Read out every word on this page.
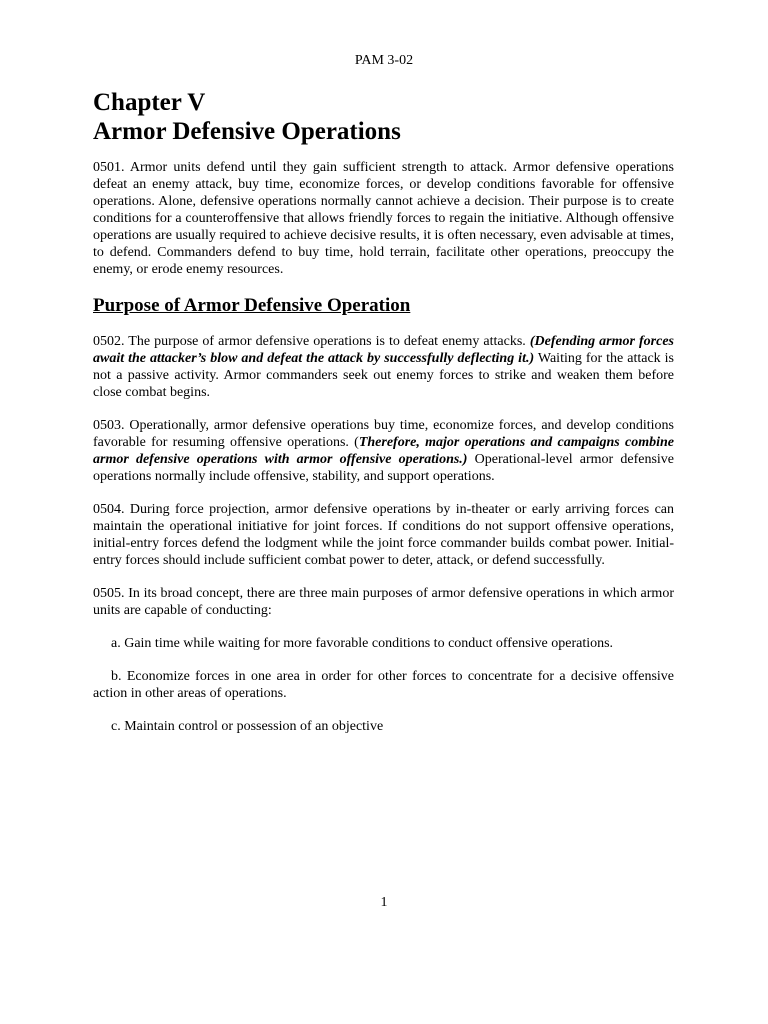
PAM 3-02
Chapter V
Armor Defensive Operations

0501. Armor units defend until they gain sufficient strength to attack. Armor defensive operations defeat an enemy attack, buy time, economize forces, or develop conditions favorable for offensive operations. Alone, defensive operations normally cannot achieve a decision. Their purpose is to create conditions for a counteroffensive that allows friendly forces to regain the initiative. Although offensive operations are usually required to achieve decisive results, it is often necessary, even advisable at times, to defend. Commanders defend to buy time, hold terrain, facilitate other operations, preoccupy the enemy, or erode enemy resources.

Purpose of Armor Defensive Operation

0502. The purpose of armor defensive operations is to defeat enemy attacks. (Defending armor forces await the attacker’s blow and defeat the attack by successfully deflecting it.) Waiting for the attack is not a passive activity. Armor commanders seek out enemy forces to strike and weaken them before close combat begins.

0503. Operationally, armor defensive operations buy time, economize forces, and develop conditions favorable for resuming offensive operations. (Therefore, major operations and campaigns combine armor defensive operations with armor offensive operations.) Operational-level armor defensive operations normally include offensive, stability, and support operations.

0504. During force projection, armor defensive operations by in-theater or early arriving forces can maintain the operational initiative for joint forces. If conditions do not support offensive operations, initial-entry forces defend the lodgment while the joint force commander builds combat power. Initial-entry forces should include sufficient combat power to deter, attack, or defend successfully.

0505. In its broad concept, there are three main purposes of armor defensive operations in which armor units are capable of conducting:

a. Gain time while waiting for more favorable conditions to conduct offensive operations.

b. Economize forces in one area in order for other forces to concentrate for a decisive offensive action in other areas of operations.

c. Maintain control or possession of an objective

1
